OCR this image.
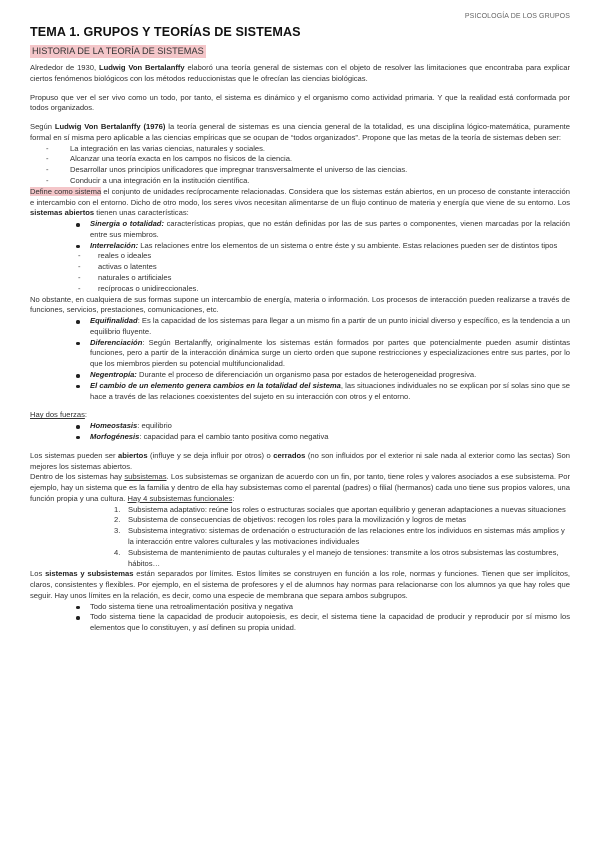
PSICOLOGÍA DE LOS GRUPOS
TEMA 1. GRUPOS Y TEORÍAS DE SISTEMAS
HISTORIA DE LA TEORÍA DE SISTEMAS

Alrededor de 1930, Ludwig Von Bertalanffy elaboró una teoría general de sistemas con el objeto de resolver las limitaciones que encontraba para explicar ciertos fenómenos biológicos con los métodos reduccionistas que le ofrecían las ciencias biológicas.

Propuso que ver el ser vivo como un todo, por tanto, el sistema es dinámico y el organismo como actividad primaria. Y que la realidad está conformada por todos organizados.

Según Ludwig Von Bertalanffy (1976) la teoría general de sistemas es una ciencia general de la totalidad, es una disciplina lógico-matemática, puramente formal en sí misma pero aplicable a las ciencias empíricas que se ocupan de “todos organizados”. Propone que las metas de la teoría de sistemas deben ser:

- La integración en las varias ciencias, naturales y sociales.
- Alcanzar una teoría exacta en los campos no físicos de la ciencia.
- Desarrollar unos principios unificadores que impregnar transversalmente el universo de las ciencias.
- Conducir a una integración en la institución científica.

Define como sistema el conjunto de unidades recíprocamente relacionadas. Considera que los sistemas están abiertos, en un proceso de constante interacción e intercambio con el entorno. Dicho de otro modo, los seres vivos necesitan alimentarse de un flujo continuo de materia y energía que viene de su entorno. Los sistemas abiertos tienen unas características:

Sinergia o totalidad: características propias, que no están definidas por las de sus partes o componentes, vienen marcadas por la relación entre sus miembros.
Interrelación: Las relaciones entre los elementos de un sistema o entre éste y su ambiente. Estas relaciones pueden ser de distintos tipos
- reales o ideales
- activas o latentes
- naturales o artificiales
- recíprocas o unidireccionales.

No obstante, en cualquiera de sus formas supone un intercambio de energía, materia o información. Los procesos de interacción pueden realizarse a través de funciones, servicios, prestaciones, comunicaciones, etc.

Equifinalidad: Es la capacidad de los sistemas para llegar a un mismo fin a partir de un punto inicial diverso y específico, es la tendencia a un equilibrio fluyente.
Diferenciación: Según Bertalanffy, originalmente los sistemas están formados por partes que potencialmente pueden asumir distintas funciones, pero a partir de la interacción dinámica surge un cierto orden que supone restricciones y especializaciones entre sus partes, por lo que los miembros pierden su potencial multifuncionalidad.
Negentropía: Durante el proceso de diferenciación un organismo pasa por estados de heterogeneidad progresiva.
El cambio de un elemento genera cambios en la totalidad del sistema, las situaciones individuales no se explican por sí solas sino que se hace a través de las relaciones coexistentes del sujeto en su interacción con otros y el entorno.

Hay dos fuerzas:

Homeostasis: equilibrio
Morfogénesis: capacidad para el cambio tanto positiva como negativa

Los sistemas pueden ser abiertos (influye y se deja influir por otros) o cerrados (no son influidos por el exterior ni sale nada al exterior como las sectas) Son mejores los sistemas abiertos.

Dentro de los sistemas hay subsistemas. Los subsistemas se organizan de acuerdo con un fin, por tanto, tiene roles y valores asociados a ese subsistema. Por ejemplo, hay un sistema que es la familia y dentro de ella hay subsistemas como el parental (padres) o filial (hermanos) cada uno tiene sus propios valores, una función propia y una cultura. Hay 4 subsistemas funcionales:

1. Subsistema adaptativo: reúne los roles o estructuras sociales que aportan equilibrio y generan adaptaciones a nuevas situaciones
2. Subsistema de consecuencias de objetivos: recogen los roles para la movilización y logros de metas
3. Subsistema integrativo: sistemas de ordenación o estructuración de las relaciones entre los individuos en sistemas más amplios y la interacción entre valores culturales y las motivaciones individuales
4. Subsistema de mantenimiento de pautas culturales y el manejo de tensiones: transmite a los otros subsistemas las costumbres, hábitos…

Los sistemas y subsistemas están separados por límites. Estos límites se construyen en función a los role, normas y funciones. Tienen que ser implícitos, claros, consistentes y flexibles. Por ejemplo, en el sistema de profesores y el de alumnos hay normas para relacionarse con los alumnos ya que hay roles que seguir. Hay unos límites en la relación, es decir, como una especie de membrana que separa ambos subgrupos.

Todo sistema tiene una retroalimentación positiva y negativa
Todo sistema tiene la capacidad de producir autopoiesis, es decir, el sistema tiene la capacidad de producir y reproducir por sí mismo los elementos que lo constituyen, y así definen su propia unidad.
